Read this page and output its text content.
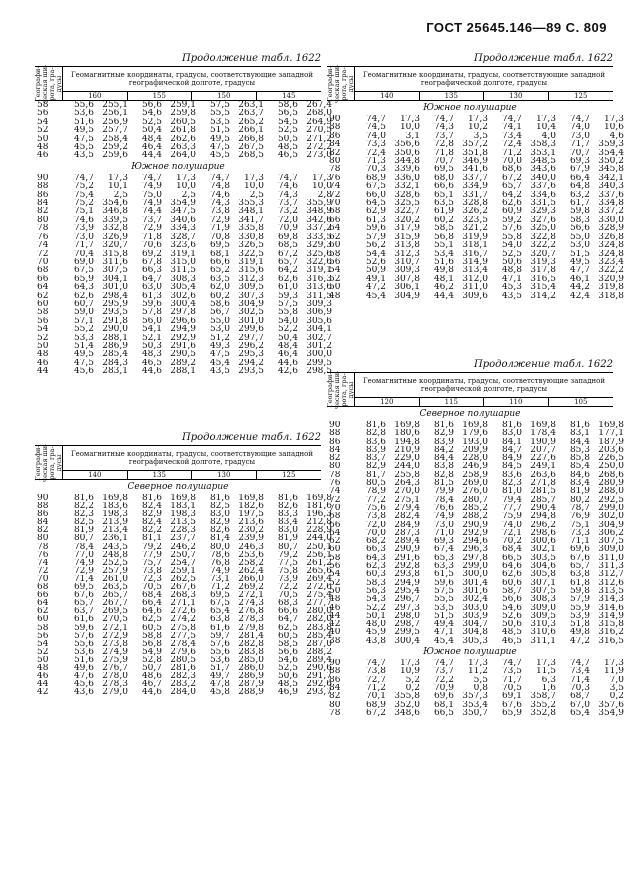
ГОСТ 25645.146—89 С. 809
Продолжение табл. 1622
Географи-
ческая ши-
рота, гра-
дусы
Геомагнитные координаты, градусы, соответствующие западной географической долготе, градусы
160	155	150	145
58	55,6	255,1	56,6	259,1	57,5	263,1	58,6	267,4
56	53,6	256,1	54,6	259,8	55,5	263,7	56,5	268,0
54	51,6	256,9	52,5	260,5	53,5	265,2	54,5	264,9
52	49,5	257,7	50,4	261,8	51,5	266,1	52,5	270,5
50	47,5	258,4	48,4	262,6	49,5	266,8	50,5	271,2
48	45,5	259,2	46,4	263,3	47,5	267,5	48,5	272,2
46	43,5	259,6	44,4	264,0	45,5	268,5	46,5	273,0
Южное полушарие
90	74,7	17,3	74,7	17,3	74,7	17,3	74,7	17,3
88	75,2	10,1	74,9	10,0	74,8	10,0	74,6	10,0
86	75,4	2,5	75,0	2,5	74,6	2,5	74,3	2,8
84	75,2	354,6	74,9	354,9	74,3	355,3	73,7	355,9
82	75,1	346,8	74,4	347,5	73,8	348,1	73,2	348,9
80	74,6	339,5	73,7	340,6	72,9	341,7	72,0	342,6
78	73,9	332,8	72,9	334,3	71,9	335,8	70,9	337,2
76	73,0	326,9	71,8	328,7	70,8	330,8	69,8	333,5
74	71,7	320,7	70,6	323,6	69,5	326,5	68,5	329,3
72	70,4	315,8	69,2	319,1	68,1	322,5	67,2	325,6
70	69,0	311,6	67,8	315,0	66,6	319,1	65,7	322,6
68	67,5	307,5	66,3	311,5	65,2	315,6	64,2	319,1
66	65,9	304,1	64,7	308,3	63,5	312,3	62,6	316,3
64	64,3	301,0	63,0	305,4	62,0	309,5	61,0	313,6
62	62,6	298,4	61,3	302,6	60,2	307,3	59,3	311,5
60	60,7	295,9	59,6	300,4	58,6	304,9	57,5	309,3
58	59,0	293,5	57,8	297,8	56,7	302,5	55,8	306,9
56	57,1	291,8	56,0	296,6	55,0	301,0	54,0	305,6
54	55,2	290,0	54,1	294,9	53,0	299,6	52,2	304,1
52	53,3	288,1	52,1	292,9	51,2	297,7	50,4	302,7
50	51,4	286,9	50,3	291,6	49,3	296,2	48,4	301,2
48	49,5	285,4	48,3	290,5	47,5	295,3	46,4	300,0
46	47,5	284,3	46,5	289,2	45,4	294,2	44,6	299,5
44	45,6	283,1	44,6	288,1	43,5	293,5	42,6	298,5
Продолжение табл. 1622
Географи-
ческая ши-
рота, гра-
дусы
Геомагнитные координаты, градусы, соответствующие западной географической долготе, градусы
140	135	130	125
Северное полушарие
90	81,6	169,8	81,6	169,8	81,6	169,8	81,6	169,8
88	82,2	183,6	82,4	183,1	82,5	182,6	82,6	181,6
86	82,3	198,3	82,9	198,3	83,0	197,5	83,3	196,3
84	82,5	213,9	82,4	213,5	82,9	213,6	83,4	212,8
82	81,9	213,4	82,2	228,3	82,6	230,2	83,0	228,9
80	80,7	236,1	81,1	237,7	81,4	239,9	81,9	244,0
78	78,4	243,5	79,2	246,2	80,0	246,3	80,7	250,1
76	77,0	248,8	77,9	250,7	78,6	253,6	79,2	256,1
74	74,9	252,5	75,7	254,7	76,8	258,2	77,5	261,2
72	72,9	257,9	73,8	259,1	74,9	262,4	75,8	265,6
70	71,4	261,0	72,3	262,5	73,1	266,0	73,9	269,4
68	69,5	263,5	70,5	267,6	71,2	269,2	72,2	272,6
66	67,6	265,7	68,4	268,3	69,5	272,1	70,5	275,4
64	65,7	267,7	66,4	271,1	67,5	274,3	68,3	277,7
62	63,7	269,5	64,6	272,6	65,4	276,8	66,6	280,0
60	61,6	270,5	62,5	274,2	63,8	278,3	64,7	282,0
58	59,6	272,1	60,5	275,8	61,6	279,8	62,5	283,8
56	57,6	272,9	58,8	277,5	59,7	281,4	60,5	285,4
54	55,6	273,8	56,8	278,4	57,6	282,8	58,5	287,0
52	53,6	274,9	54,9	279,6	55,6	283,8	56,6	288,2
50	51,6	275,9	52,8	280,5	53,6	285,0	54,6	289,4
48	49,6	276,7	50,7	281,6	51,7	286,0	52,5	290,6
46	47,6	278,0	48,6	282,3	49,7	286,9	50,6	291,7
44	45,6	278,3	46,7	283,2	47,8	287,9	48,5	292,6
42	43,6	279,0	44,6	284,0	45,8	288,9	46,9	293,7
Продолжение табл. 1622
Географи-
ческая ши-
рота, гра-
дусы
Геомагнитные координаты, градусы, соответствующие западной географической долготе, градусы
140	135	130	125
Южное полушарие
90	74,7	17,3	74,7	17,3	74,7	17,3	74,7	17,3
88	74,5	10,0	74,3	10,2	74,1	10,4	74,0	10,6
86	74,0	3,1	73,7	3,5	73,4	4,0	73,0	4,6
84	73,3	356,6	72,8	357,2	72,4	358,3	71,7	359,3
82	72,4	350,6	71,8	351,8	71,2	353,1	70,7	354,4
80	71,3	344,8	70,7	346,9	70,0	348,5	69,3	350,2
78	70,3	339,6	69,5	341,6	68,6	343,6	67,9	345,8
76	68,9	336,0	68,0	337,7	67,2	340,0	66,4	342,1
74	67,5	332,1	66,6	334,9	65,7	337,6	64,8	340,3
72	66,0	328,6	65,1	331,7	64,2	334,6	63,2	337,6
70	64,5	325,5	63,5	328,8	62,6	331,5	61,7	334,8
68	62,9	322,7	61,9	326,2	60,9	329,3	59,8	337,2
66	61,3	320,2	60,2	323,5	59,2	327,6	58,3	330,0
64	59,6	317,9	58,5	321,2	57,6	325,0	56,6	328,9
62	57,9	315,9	56,8	319,9	55,8	322,8	55,0	326,8
60	56,2	313,8	55,1	318,1	54,0	322,2	53,0	324,8
58	54,4	312,3	53,4	316,7	52,5	320,7	51,5	324,8
56	52,6	310,7	51,6	314,9	50,6	319,3	49,5	323,4
54	50,9	309,3	49,8	313,4	48,8	317,8	47,7	322,2
52	49,1	307,8	48,1	312,0	47,1	316,5	46,1	320,9
50	47,2	306,1	46,2	311,0	45,3	315,4	44,2	319,8
48	45,4	304,9	44,4	309,6	43,5	314,2	42,4	318,8
Продолжение табл. 1622
Географи-
ческая ши-
рота, гра-
дусы
Геомагнитные координаты, градусы, соответствующие западной географической долготе, градусы
120	115	110	105
Северное полушарие
90	81,6	169,8	81,6	169,8	81,6	169,8	81,6	169,8
88	82,8	180,6	82,9	179,6	83,0	178,4	83,1	177,1
86	83,6	194,8	83,9	193,0	84,1	190,9	84,4	187,9
84	83,9	210,9	84,2	209,9	84,7	207,7	85,3	203,6
82	83,7	229,0	84,4	228,0	84,9	227,6	85,8	226,5
80	82,9	244,0	83,8	246,9	84,5	249,1	85,4	250,0
78	81,7	255,8	82,8	258,9	83,6	263,6	84,6	268,6
76	80,5	264,3	81,5	269,0	82,3	271,8	83,4	280,9
74	78,9	270,0	79,9	276,0	81,0	281,5	81,9	288,0
72	77,2	275,1	78,4	280,7	79,4	285,7	80,2	292,5
70	75,6	279,4	76,6	285,2	77,7	290,4	78,7	299,0
68	73,8	282,4	74,9	288,2	75,9	294,8	76,9	302,0
66	72,0	284,9	73,0	290,9	74,0	296,2	75,1	304,9
64	70,0	287,3	71,0	292,9	72,1	298,6	73,3	306,2
62	68,2	289,4	69,3	294,6	70,2	300,6	71,1	307,5
60	66,3	290,9	67,4	296,3	68,4	302,1	69,6	309,0
58	64,3	291,6	65,3	297,8	66,5	303,5	67,6	311,0
56	62,3	292,8	63,3	299,0	64,6	304,6	65,7	311,3
54	60,3	293,8	61,5	300,0	62,6	305,8	63,8	312,7
52	58,3	294,9	59,6	301,4	60,6	307,1	61,8	312,6
50	56,3	295,4	57,5	301,6	58,7	307,5	59,8	313,5
48	54,3	296,7	55,5	302,4	56,6	308,3	57,9	314,3
46	52,2	297,3	53,5	303,0	54,6	309,0	55,9	314,6
44	50,1	298,0	51,5	303,9	52,6	309,5	53,9	314,9
42	48,0	298,7	49,4	304,7	50,6	310,3	51,8	315,8
40	45,9	299,5	47,1	304,8	48,5	310,6	49,8	316,2
38	43,8	300,4	45,4	305,3	46,5	311,1	47,2	316,5
Южное полушарие
90	74,7	17,3	74,7	17,3	74,7	17,3	74,7	17,3
88	73,8	10,9	73,7	11,2	73,5	11,5	73,4	11,9
86	72,7	5,2	72,2	5,5	71,7	6,3	71,4	7,0
84	71,2	0,2	70,9	0,8	70,5	1,6	70,3	3,5
82	70,1	355,8	69,6	357,3	69,1	358,7	68,7	0,2
80	68,9	352,0	68,1	353,4	67,6	355,2	67,0	357,6
78	67,2	348,6	66,5	350,7	65,9	352,8	65,4	354,9
